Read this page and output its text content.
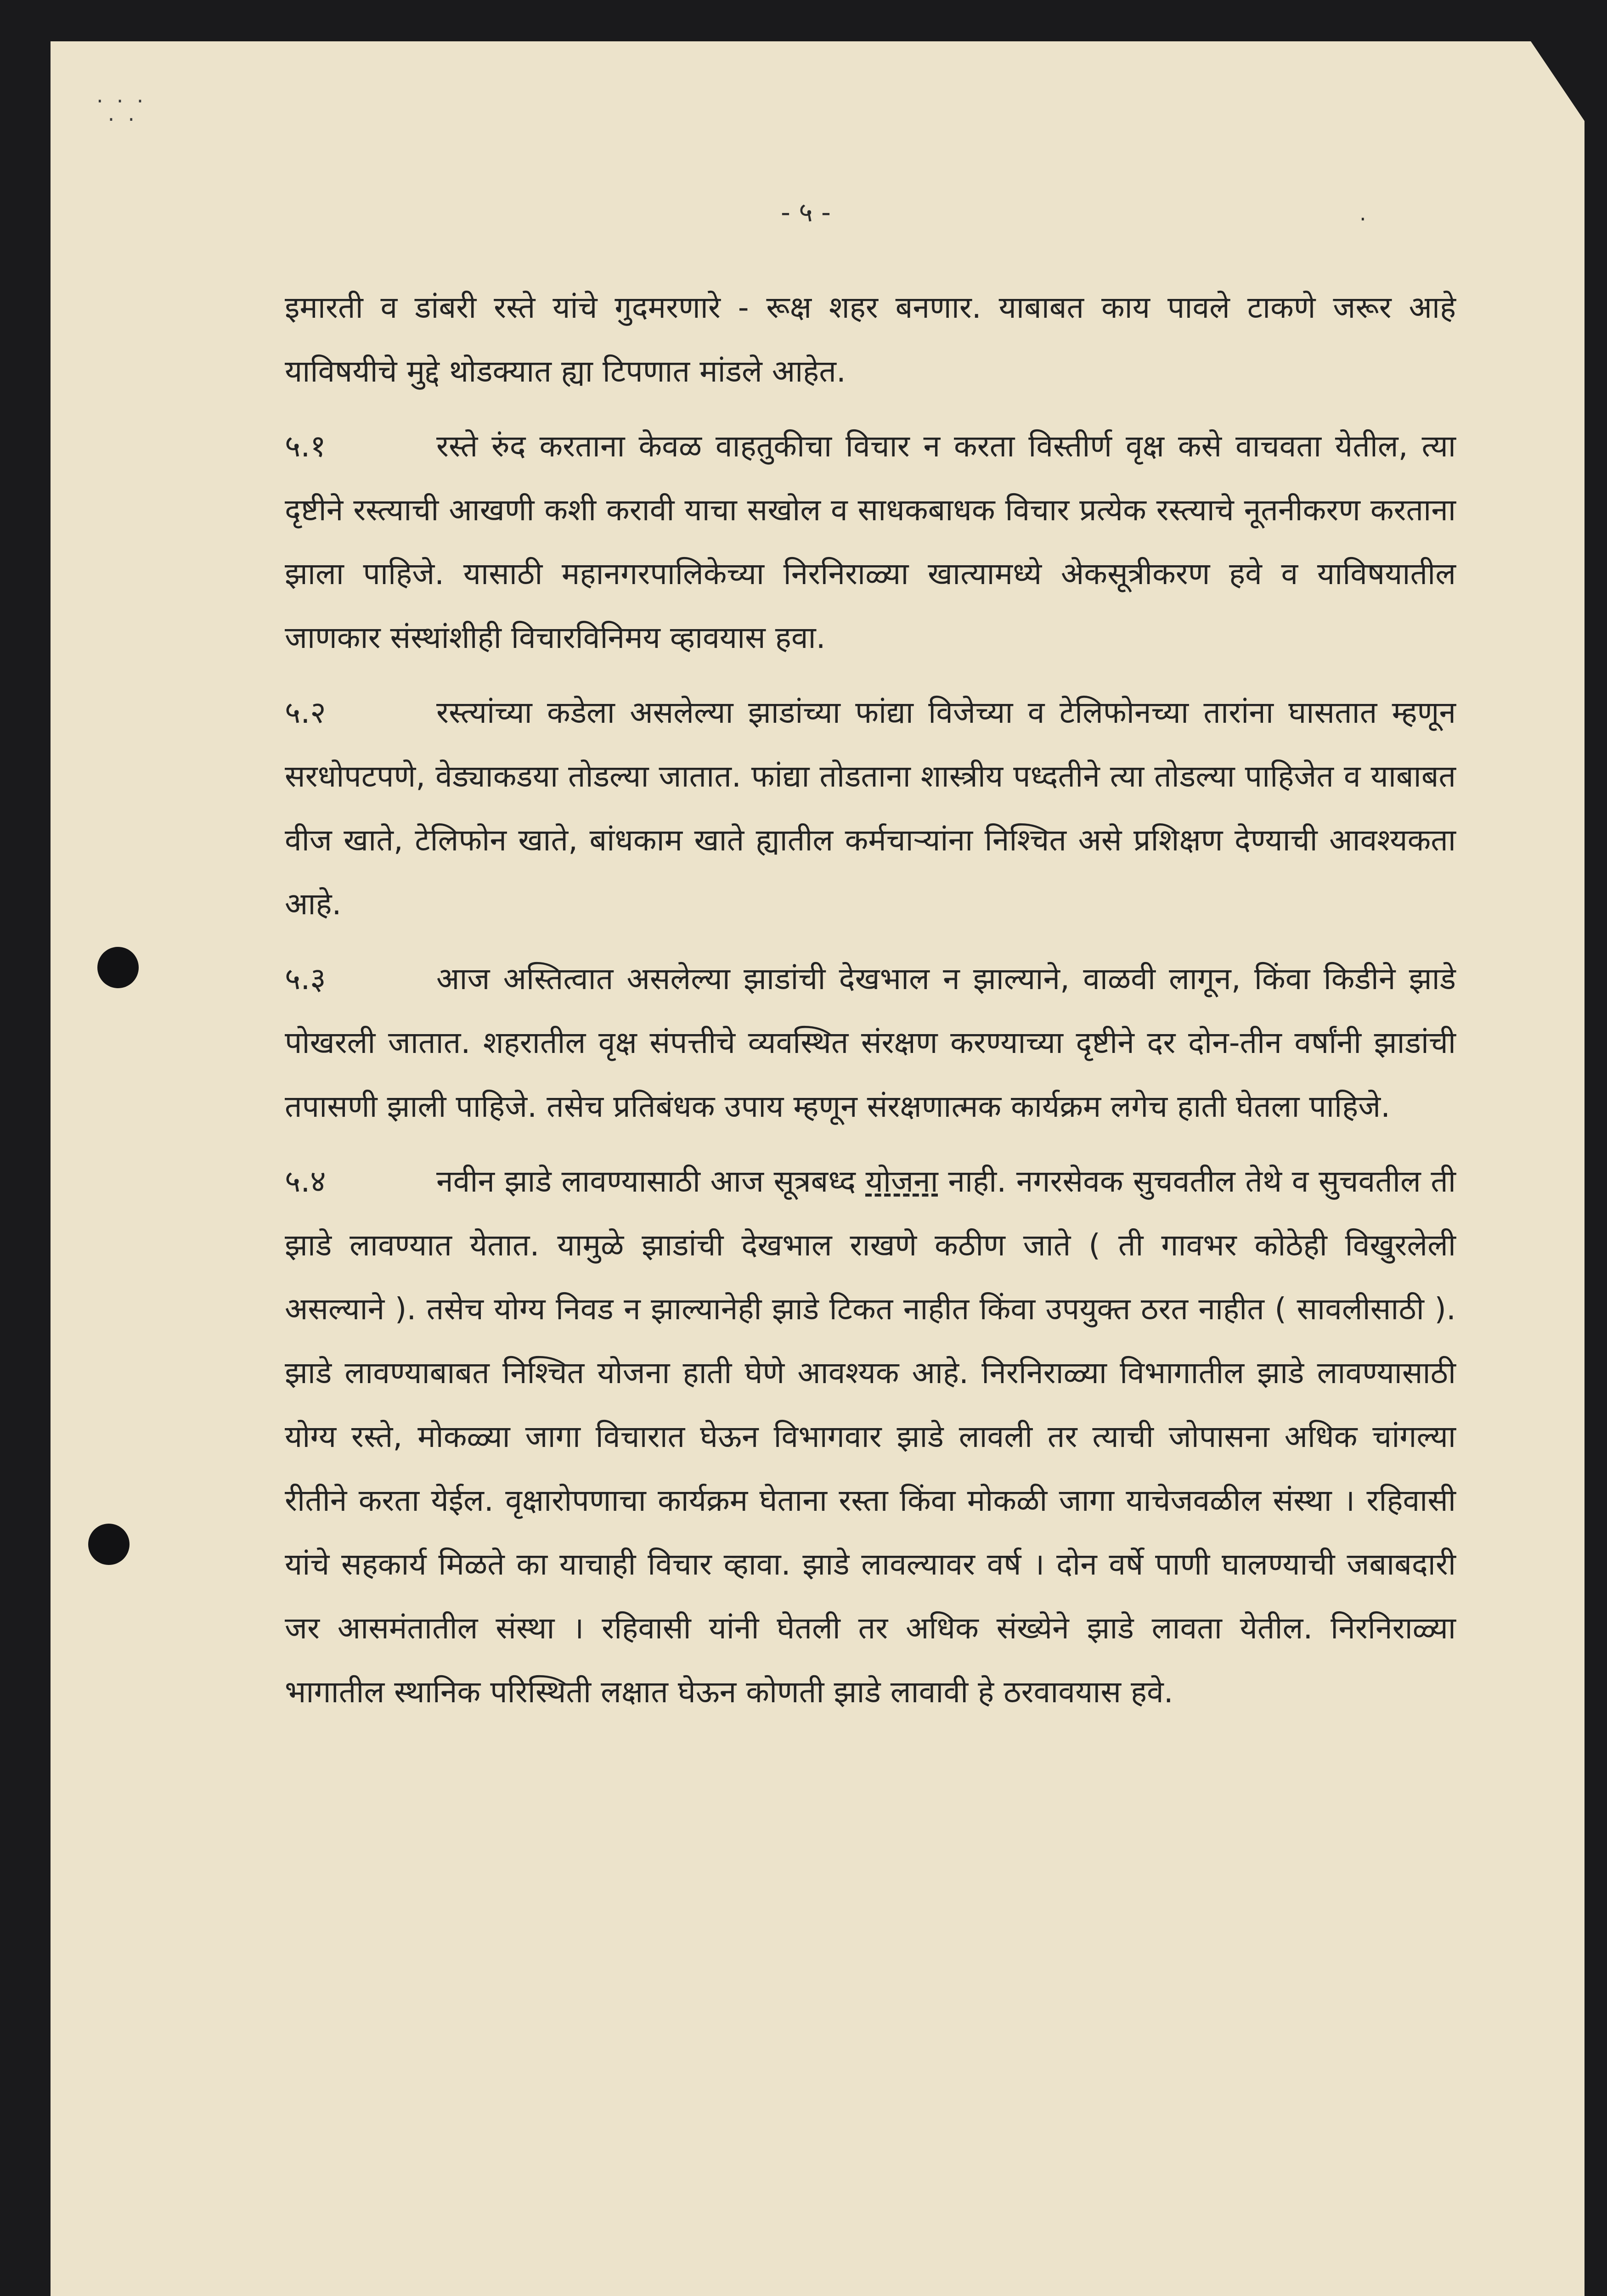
· · ·
· ·
- ५ -	·

इमारती व डांबरी रस्ते यांचे गुदमरणारे - रूक्ष शहर बनणार. याबाबत काय पावले टाकणे जरूर आहे याविषयीचे मुद्दे थोडक्यात ह्या टिपणात मांडले आहेत.

५.१	रस्ते रुंद करताना केवळ वाहतुकीचा विचार न करता विस्तीर्ण वृक्ष कसे वाचवता येतील, त्या दृष्टीने रस्त्याची आखणी कशी करावी याचा सखोल व साधकबाधक विचार प्रत्येक रस्त्याचे नूतनीकरण करताना झाला पाहिजे. यासाठी महानगरपालिकेच्या निरनिराळ्या खात्यामध्ये अेकसूत्रीकरण हवे व याविषयातील जाणकार संस्थांशीही विचारविनिमय व्हावयास हवा.

५.२	रस्त्यांच्या कडेला असलेल्या झाडांच्या फांद्या विजेच्या व टेलिफोनच्या तारांना घासतात म्हणून सरधोपटपणे, वेड्याकडया तोडल्या जातात. फांद्या तोडताना शास्त्रीय पध्दतीने त्या तोडल्या पाहिजेत व याबाबत वीज खाते, टेलिफोन खाते, बांधकाम खाते ह्यातील कर्मचाऱ्यांना निश्चित असे प्रशिक्षण देण्याची आवश्यकता आहे.

५.३	आज अस्तित्वात असलेल्या झाडांची देखभाल न झाल्याने, वाळवी लागून, किंवा किडीने झाडे पोखरली जातात. शहरातील वृक्ष संपत्तीचे व्यवस्थित संरक्षण करण्याच्या दृष्टीने दर दोन-तीन वर्षांनी झाडांची तपासणी झाली पाहिजे. तसेच प्रतिबंधक उपाय म्हणून संरक्षणात्मक कार्यक्रम लगेच हाती घेतला पाहिजे.

५.४	नवीन झाडे लावण्यासाठी आज सूत्रबध्द योजना नाही. नगरसेवक सुचवतील तेथे व सुचवतील ती झाडे लावण्यात येतात. यामुळे झाडांची देखभाल राखणे कठीण जाते ( ती गावभर कोठेही विखुरलेली असल्याने ). तसेच योग्य निवड न झाल्यानेही झाडे टिकत नाहीत किंवा उपयुक्त ठरत नाहीत ( सावलीसाठी ). झाडे लावण्याबाबत निश्चित योजना हाती घेणे आवश्यक आहे. निरनिराळ्या विभागातील झाडे लावण्यासाठी योग्य रस्ते, मोकळ्या जागा विचारात घेऊन विभागवार झाडे लावली तर त्याची जोपासना अधिक चांगल्या रीतीने करता येईल. वृक्षारोपणाचा कार्यक्रम घेताना रस्ता किंवा मोकळी जागा याचेजवळील संस्था । रहिवासी यांचे सहकार्य मिळते का याचाही विचार व्हावा. झाडे लावल्यावर वर्ष । दोन वर्षे पाणी घालण्याची जबाबदारी जर आसमंतातील संस्था । रहिवासी यांनी घेतली तर अधिक संख्येने झाडे लावता येतील. निरनिराळ्या भागातील स्थानिक परिस्थिती लक्षात घेऊन कोणती झाडे लावावी हे ठरवावयास हवे.
